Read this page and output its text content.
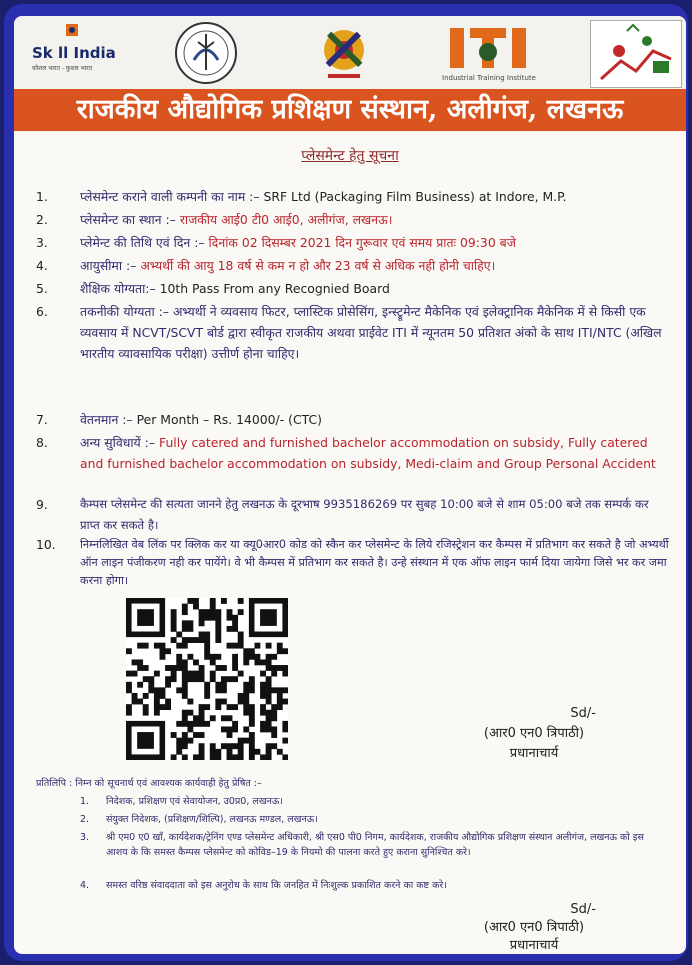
Sk ll India
कौशल भारत - कुशल भारत
Industrial Training Institute
राजकीय औद्योगिक प्रशिक्षण संस्थान, अलीगंज, लखनऊ
प्लेसमेन्ट हेतु सूचना
1.	प्लेसमेन्ट कराने वाली कम्पनी का नाम :– SRF Ltd (Packaging Film Business) at Indore, M.P.
2.	प्लेसमेन्ट का स्थान :– राजकीय आई0 टी0 आई0, अलीगंज, लखनऊ।
3.	प्लेमेन्ट की तिथि एवं दिन :– दिनांक 02 दिसम्बर 2021 दिन गुरूवार एवं समय प्रातः 09:30 बजे
4.	आयुसीमा :– अभ्यर्थी की आयु 18 वर्ष से कम न हो और 23 वर्ष से अधिक नही होनी चाहिए।
5.	शैक्षिक योग्यता:– 10th Pass From any Recognied Board
6.	तकनीकी योग्यता :– अभ्यर्थी ने व्यवसाय फिटर, प्लास्टिक प्रोसेसिंग, इन्स्ट्रूमेन्ट मैकेनिक एवं इलेक्ट्रानिक मैकेनिक में से किसी एक व्यवसाय में NCVT/SCVT बोर्ड द्वारा स्वीकृत राजकीय अथवा प्राईवेट ITI में न्यूनतम 50 प्रतिशत अंको के साथ ITI/NTC (अखिल भारतीय व्यावसायिक परीक्षा) उत्तीर्ण होना चाहिए।
7.	वेतनमान :– Per Month – Rs. 14000/- (CTC)
8.	अन्य सुविधायें :– Fully catered and furnished bachelor accommodation on subsidy, Fully catered and furnished bachelor accommodation on subsidy, Medi-claim and Group Personal Accident
9.	कैम्पस प्लेसमेन्ट की सत्यता जानने हेतु लखनऊ के दूरभाष 9935186269 पर सुबह 10:00 बजे से शाम 05:00 बजे तक सम्पर्क कर प्राप्त कर सकते है।
10.	निम्नलिखित वेब लिंक पर क्लिक कर या क्यू0आर0 कोड को स्कैन कर प्लेसमेन्ट के लिये रजिस्ट्रेशन कर कैम्पस में प्रतिभाग कर सकते है जो अभ्यर्थी ऑन लाइन पंजीकरण नही कर पायेंगे। वे भी कैम्पस में प्रतिभाग कर सकते है। उन्हे संस्थान में एक ऑफ लाइन फार्म दिया जायेगा जिसे भर कर जमा करना होगा।
Sd/-
(आर0 एन0 त्रिपाठी)
प्रधानाचार्य
प्रतिलिपि : निम्न को सूचनार्थ एवं आवश्यक कार्यवाही हेतु प्रेषित :–
1. निदेशक, प्रशिक्षण एवं सेवायोजन, उ0प्र0, लखनऊ।
2. संयुक्त निदेशक, (प्रशिक्षण/शिल्पि), लखनऊ मण्डल, लखनऊ।
3. श्री एम0 ए0 खाँ, कार्यदेशक/ट्रेनिंग एण्ड प्लेसमेन्ट अधिकारी, श्री एस0 पी0 निगम, कार्यदेशक, राजकीय औद्योगिक प्रशिक्षण संस्थान अलीगंज, लखनऊ को इस आशय के कि समस्त कैम्पस प्लेसमेन्ट को कोविड–19 के नियमो की पालना करते हुए कराना सुनिश्चित करे।
4. समस्त वरिष्ठ संवाददाता को इस अनुरोध के साथ कि जनहित में निःशुल्क प्रकाशित करने का कष्ट करे।
Sd/-
(आर0 एन0 त्रिपाठी)
प्रधानाचार्य
